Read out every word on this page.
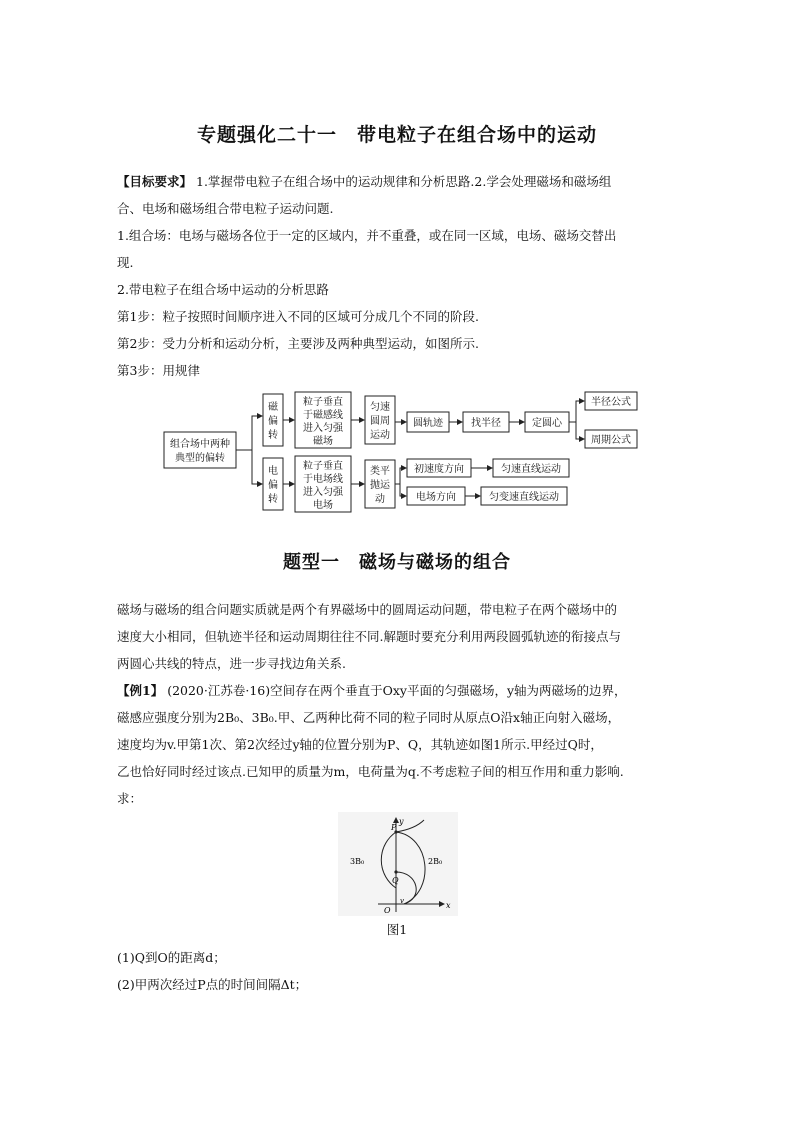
专题强化二十一　带电粒子在组合场中的运动
【目标要求】 1.掌握带电粒子在组合场中的运动规律和分析思路.2.学会处理磁场和磁场组
合、电场和磁场组合带电粒子运动问题.
1.组合场：电场与磁场各位于一定的区域内，并不重叠，或在同一区域，电场、磁场交替出
现.
2.带电粒子在组合场中运动的分析思路
第1步：粒子按照时间顺序进入不同的区域可分成几个不同的阶段.
第2步：受力分析和运动分析，主要涉及两种典型运动，如图所示.
第3步：用规律
组合场中两种
典型的偏转
磁
偏
转
粒子垂直
于磁感线
进入匀强
磁场
匀速
圆周
运动
圆轨迹	找半径	定圆心
半径公式
周期公式
电
偏
转
粒子垂直
于电场线
进入匀强
电场
类平
抛运
动
初速度方向	匀速直线运动
电场方向	匀变速直线运动
题型一　磁场与磁场的组合
磁场与磁场的组合问题实质就是两个有界磁场中的圆周运动问题，带电粒子在两个磁场中的
速度大小相同，但轨迹半径和运动周期往往不同.解题时要充分利用两段圆弧轨迹的衔接点与
两圆心共线的特点，进一步寻找边角关系.
【例1】 (2020·江苏卷·16)空间存在两个垂直于Oxy平面的匀强磁场，y轴为两磁场的边界，
磁感应强度分别为2B₀、3B₀.甲、乙两种比荷不同的粒子同时从原点O沿x轴正向射入磁场，
速度均为v.甲第1次、第2次经过y轴的位置分别为P、Q，其轨迹如图1所示.甲经过Q时，
乙也恰好同时经过该点.已知甲的质量为m，电荷量为q.不考虑粒子间的相互作用和重力影响.
求：
y
x
P
Q
O
v
3B₀	2B₀
图1
(1)Q到O的距离d；
(2)甲两次经过P点的时间间隔Δt；
